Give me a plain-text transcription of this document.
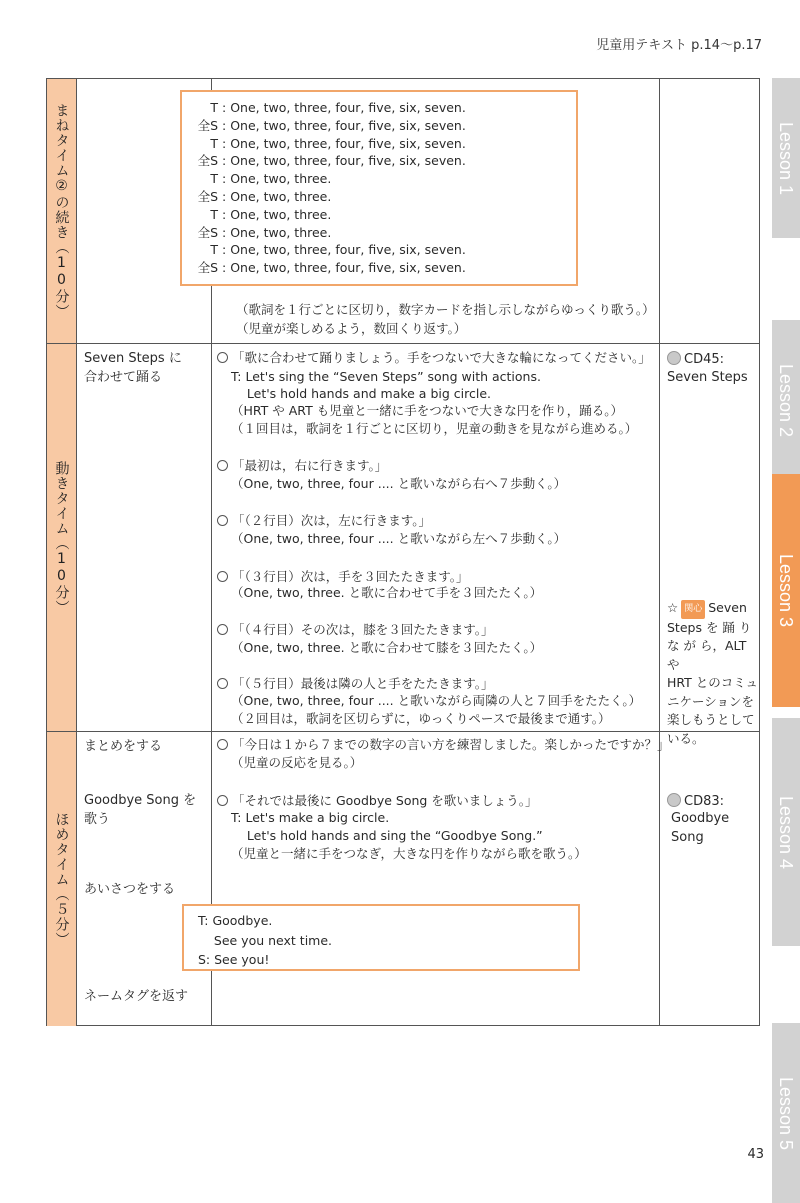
児童用テキスト p.14～p.17
まねタイム②の続き（10分）
動きタイム（10分）
ほめタイム（５分）
（歌詞を１行ごとに区切り，数字カードを指し示しながらゆっくり歌う。）
（児童が楽しめるよう，数回くり返す。）
Seven Steps に
合わせて踊る
「歌に合わせて踊りましょう。手をつないで大きな輪になってください。」
T: Let's sing the “Seven Steps” song with actions.
Let's hold hands and make a big circle.
（HRT や ART も児童と一緒に手をつないで大きな円を作り，踊る。）
（１回目は，歌詞を１行ごとに区切り，児童の動きを見ながら進める。）
「最初は，右に行きます。」
（One, two, three, four .... と歌いながら右へ７歩動く。）
「（２行目）次は，左に行きます。」
（One, two, three, four .... と歌いながら左へ７歩動く。）
「（３行目）次は，手を３回たたきます。」
（One, two, three. と歌に合わせて手を３回たたく。）
「（４行目）その次は，膝を３回たたきます。」
（One, two, three. と歌に合わせて膝を３回たたく。）
「（５行目）最後は隣の人と手をたたきます。」
（One, two, three, four .... と歌いながら両隣の人と７回手をたたく。）
（２回目は，歌詞を区切らずに，ゆっくりペースで最後まで通す。）
CD45:
Seven Steps
☆ 関心 Seven
Steps を 踊 り
な が ら，ALT や
HRT とのコミュ
ニケーションを
楽しもうとして
いる。
まとめをする
Goodbye Song を
歌う
あいさつをする
ネームタグを返す
「今日は１から７までの数字の言い方を練習しました。楽しかったですか？」
（児童の反応を見る。）
「それでは最後に Goodbye Song を歌いましょう。」
T: Let's make a big circle.
Let's hold hands and sing the “Goodbye Song.”
（児童と一緒に手をつなぎ，大きな円を作りながら歌を歌う。）
CD83:
Goodbye Song
T : One, two, three, four, five, six, seven.
全S : One, two, three, four, five, six, seven.
T : One, two, three, four, five, six, seven.
全S : One, two, three, four, five, six, seven.
T : One, two, three.
全S : One, two, three.
T : One, two, three.
全S : One, two, three.
T : One, two, three, four, five, six, seven.
全S : One, two, three, four, five, six, seven.
T: Goodbye.
See you next time.
S: See you!
Lesson 1
Lesson 2
Lesson 3
Lesson 4
Lesson 5
43
